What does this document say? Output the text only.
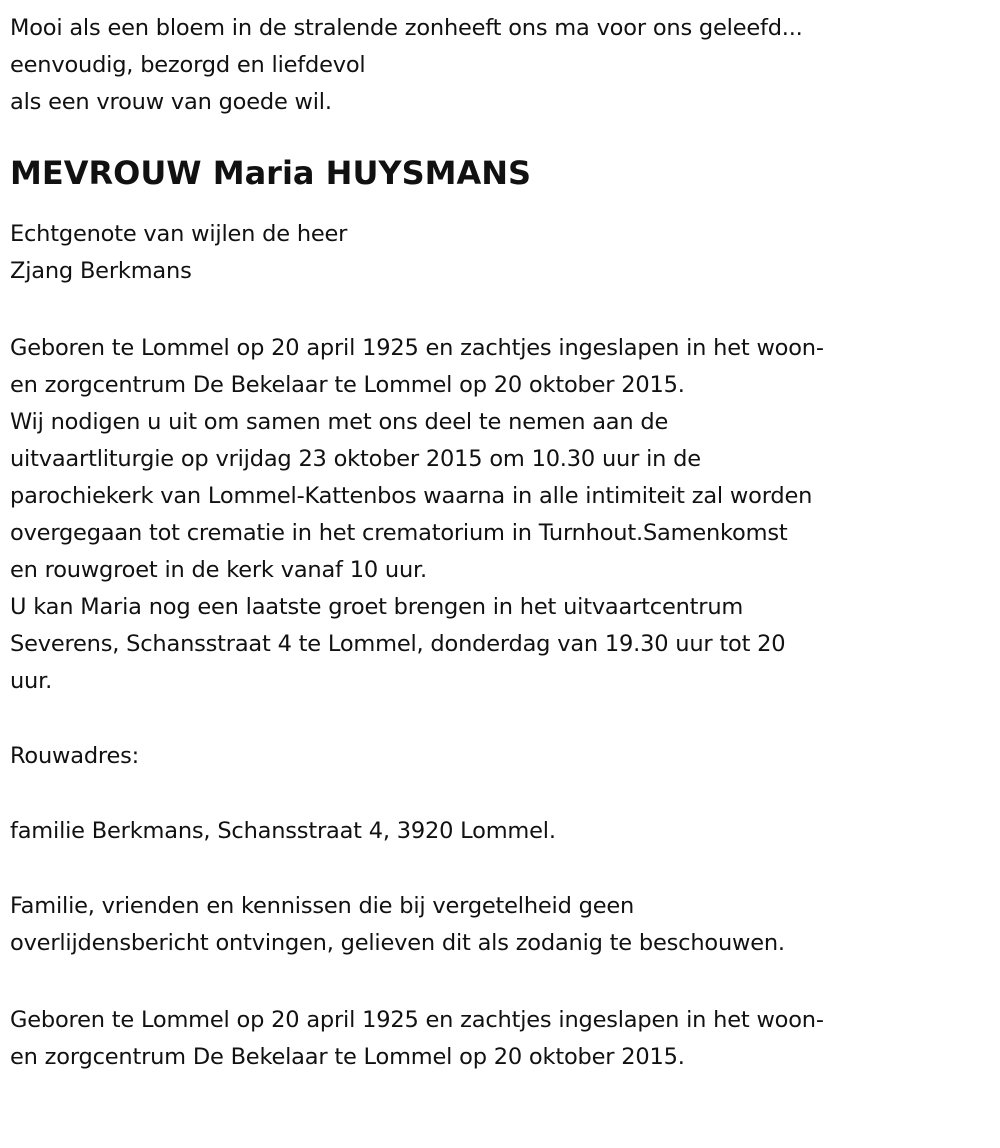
Mooi als een bloem in de stralende zonheeft ons ma voor ons geleefd...
eenvoudig, bezorgd en liefdevol
als een vrouw van goede wil.
MEVROUW Maria HUYSMANS
Echtgenote van wijlen de heer
Zjang Berkmans
Geboren te Lommel op 20 april 1925 en zachtjes ingeslapen in het woon-
en zorgcentrum De Bekelaar te Lommel op 20 oktober 2015.
Wij nodigen u uit om samen met ons deel te nemen aan de
uitvaartliturgie op vrijdag 23 oktober 2015 om 10.30 uur in de
parochiekerk van Lommel-Kattenbos waarna in alle intimiteit zal worden
overgegaan tot crematie in het crematorium in Turnhout.Samenkomst
en rouwgroet in de kerk vanaf 10 uur.
U kan Maria nog een laatste groet brengen in het uitvaartcentrum
Severens, Schansstraat 4 te Lommel, donderdag van 19.30 uur tot 20
uur.
Rouwadres:
familie Berkmans, Schansstraat 4, 3920 Lommel.
Familie, vrienden en kennissen die bij vergetelheid geen
overlijdensbericht ontvingen, gelieven dit als zodanig te beschouwen.
Geboren te Lommel op 20 april 1925 en zachtjes ingeslapen in het woon-
en zorgcentrum De Bekelaar te Lommel op 20 oktober 2015.
